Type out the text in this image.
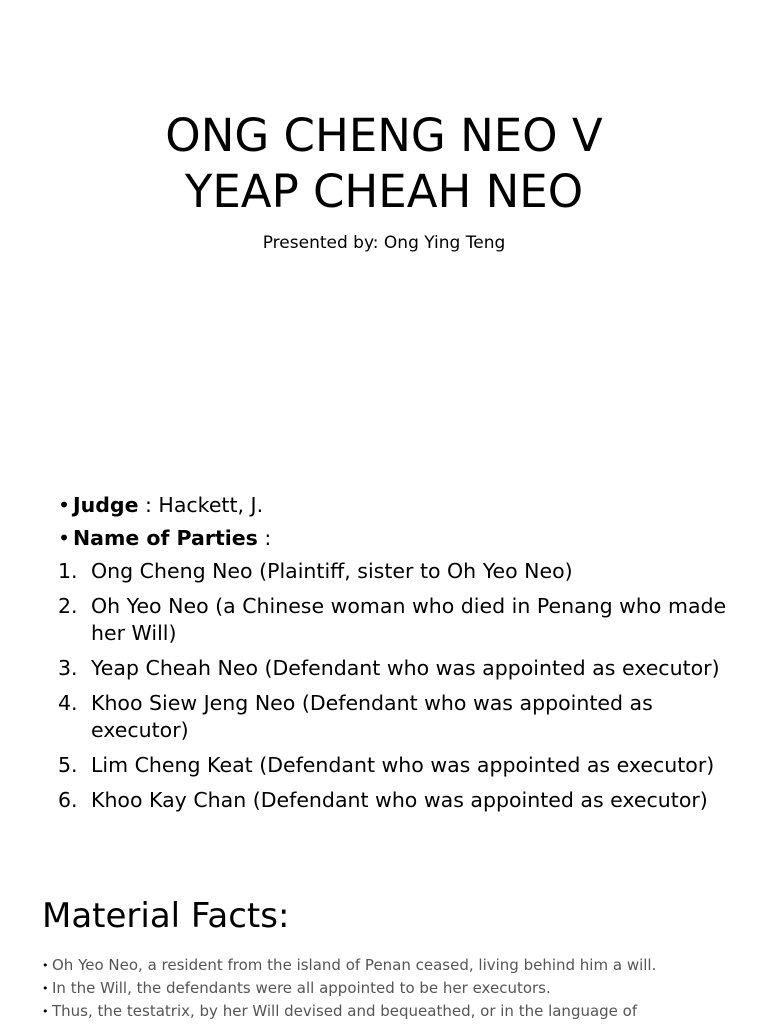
ONG CHENG NEO V
YEAP CHEAH NEO
Presented by: Ong Ying Teng
• Judge : Hackett, J.
• Name of Parties :
1. Ong Cheng Neo (Plaintiff, sister to Oh Yeo Neo)
2. Oh Yeo Neo (a Chinese woman who died in Penang who made her Will)
3. Yeap Cheah Neo (Defendant who was appointed as executor)
4. Khoo Siew Jeng Neo (Defendant who was appointed as executor)
5. Lim Cheng Keat (Defendant who was appointed as executor)
6. Khoo Kay Chan (Defendant who was appointed as executor)
Material Facts:
• Oh Yeo Neo, a resident from the island of Penan ceased, living behind him a will.
• In the Will, the defendants were all appointed to be her executors.
• Thus, the testatrix, by her Will devised and bequeathed, or in the language of
